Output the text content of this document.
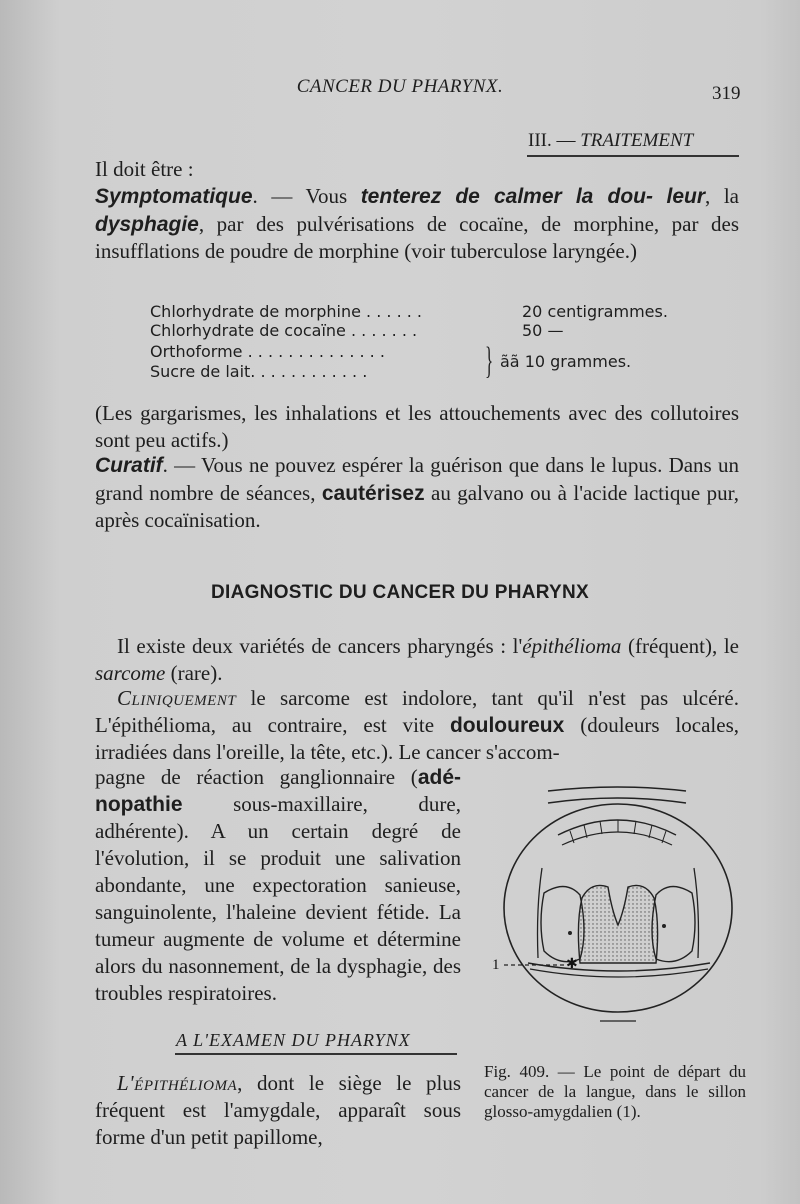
CANCER DU PHARYNX.	319
III. — TRAITEMENT

Il doit être :

Symptomatique. — Vous tenterez de calmer la dou- leur, la dysphagie, par des pulvérisations de cocaïne, de morphine, par des insufflations de poudre de morphine (voir tuberculose laryngée.)

Chlorhydrate de morphine . . . . . .	20 centigrammes.
Chlorhydrate de cocaïne . . . . . . .	50 —
Orthoforme . . . . . . . . . . . . . .
Sucre de lait. . . . . . . . . . . .	} ãã 10 grammes.

(Les gargarismes, les inhalations et les attouchements avec des collutoires sont peu actifs.)

Curatif. — Vous ne pouvez espérer la guérison que dans le lupus. Dans un grand nombre de séances, cautérisez au galvano ou à l'acide lactique pur, après cocaïnisation.

DIAGNOSTIC DU CANCER DU PHARYNX

Il existe deux variétés de cancers pharyngés : l'épithélioma (fréquent), le sarcome (rare).

Cliniquement le sarcome est indolore, tant qu'il n'est pas ulcéré. L'épithélioma, au contraire, est vite douloureux (douleurs locales, irradiées dans l'oreille, la tête, etc.). Le cancer s'accom-

pagne de réaction ganglionnaire (adé- nopathie sous-maxillaire, dure, adhérente). A un certain degré de l'évolution, il se produit une salivation abondante, une expectoration sanieuse, sanguinolente, l'haleine devient fétide. La tumeur augmente de volume et détermine alors du nasonnement, de la dysphagie, des troubles respiratoires.

A L'EXAMEN DU PHARYNX

L'épithélioma, dont le siège le plus fréquent est l'amygdale, apparaît sous forme d'un petit papillome,

✱
1

Fig. 409. — Le point de départ du cancer de la langue, dans le sillon glosso-amygdalien (1).
